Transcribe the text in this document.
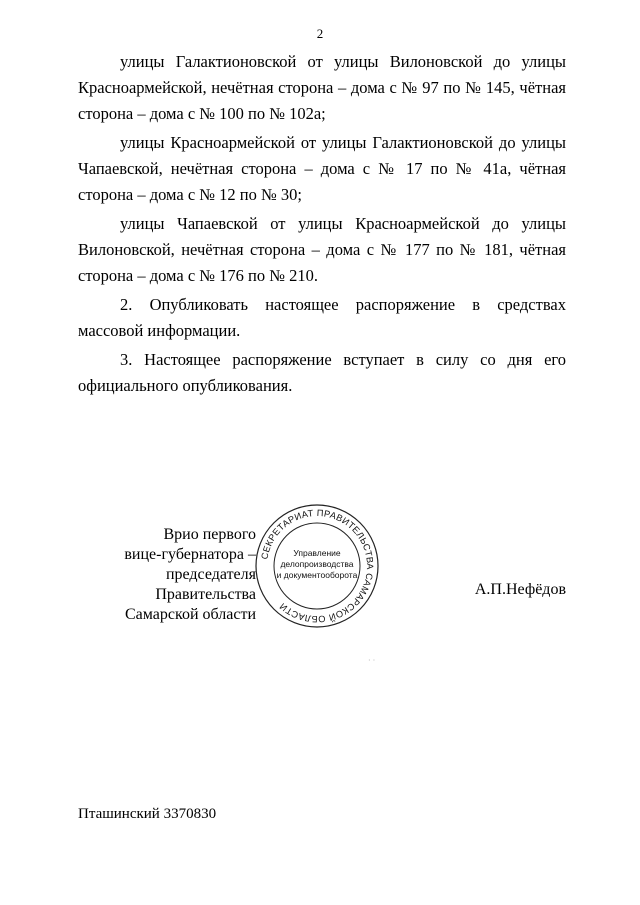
2

улицы Галактионовской от улицы Вилоновской до улицы Красноармейской, нечётная сторона – дома с № 97 по № 145, чётная сторона – дома с № 100 по № 102а;

улицы Красноармейской от улицы Галактионовской до улицы Чапаевской, нечётная сторона – дома с № 17 по № 41а, чётная сторона – дома с № 12 по № 30;

улицы Чапаевской от улицы Красноармейской до улицы Вилоновской, нечётная сторона – дома с № 177 по № 181, чётная сторона – дома с № 176 по № 210.

2. Опубликовать настоящее распоряжение в средствах массовой информации.

3. Настоящее распоряжение вступает в силу со дня его официального опубликования.

Врио первого
вице-губернатора –
председателя Правительства
Самарской области
А.П.Нефёдов
СЕКРЕТАРИАТ ПРАВИТЕЛЬСТВА САМАРСКОЙ ОБЛАСТИ
Управление
делопроизводства
и документооборота
· ·
Пташинский 3370830
